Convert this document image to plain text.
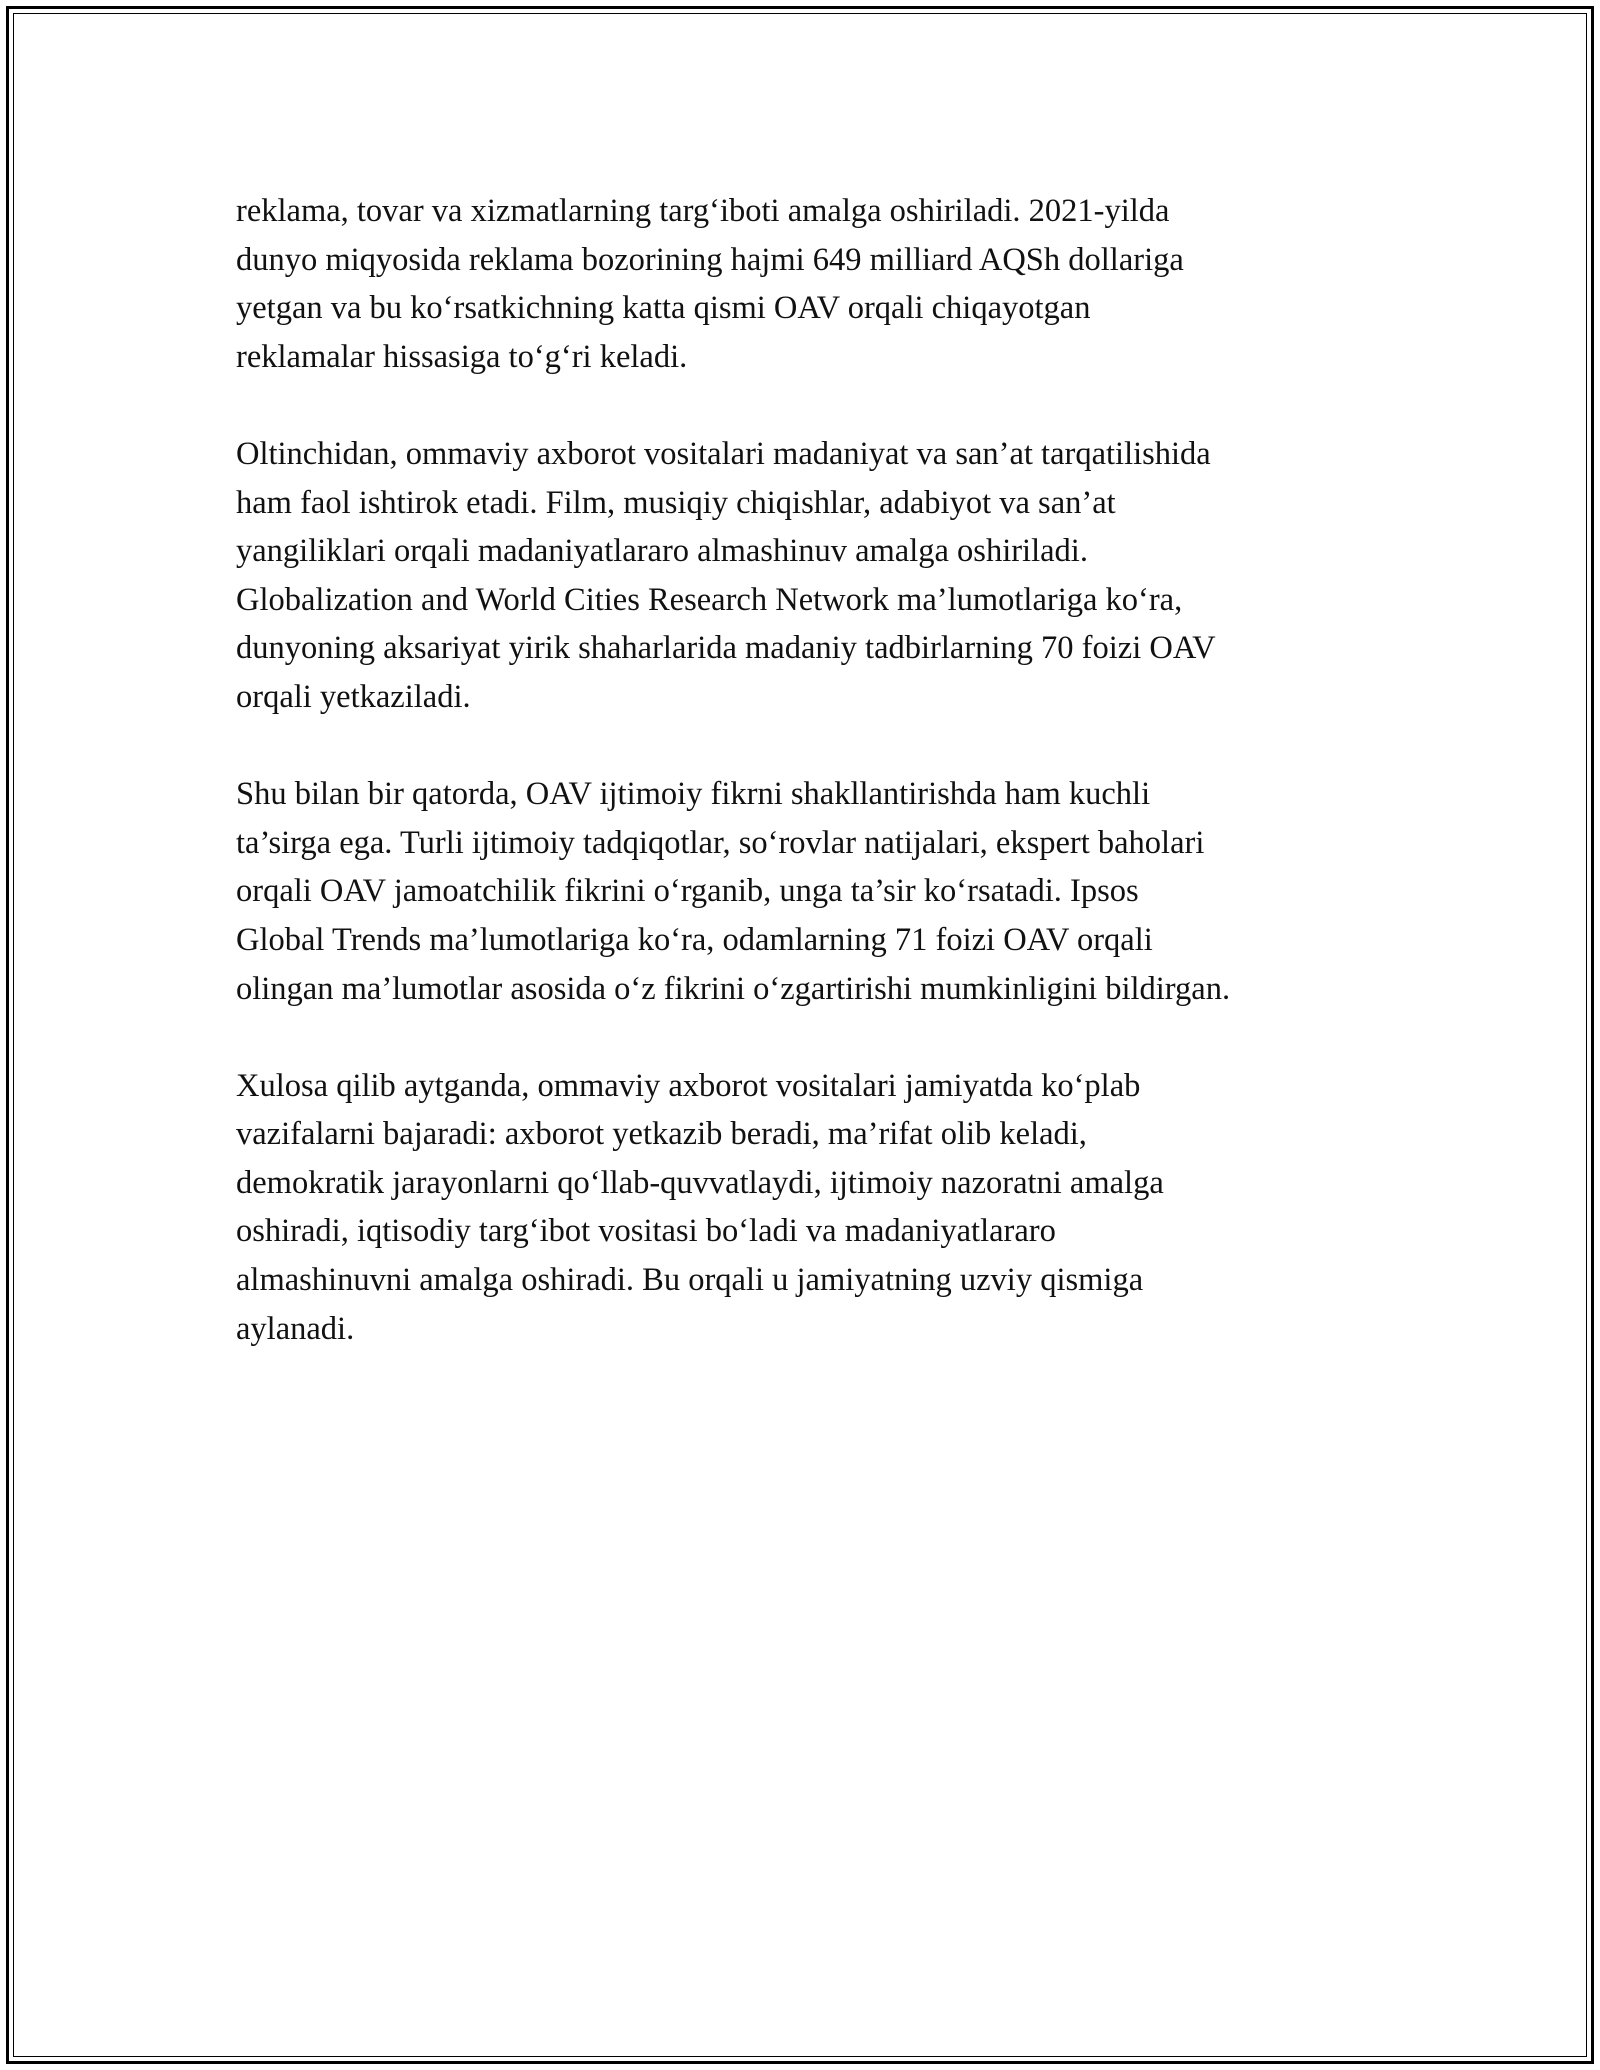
reklama, tovar va xizmatlarning targ‘iboti amalga oshiriladi. 2021-yilda
dunyo miqyosida reklama bozorining hajmi 649 milliard AQSh dollariga
yetgan va bu ko‘rsatkichning katta qismi OAV orqali chiqayotgan
reklamalar hissasiga to‘g‘ri keladi.

Oltinchidan, ommaviy axborot vositalari madaniyat va san’at tarqatilishida
ham faol ishtirok etadi. Film, musiqiy chiqishlar, adabiyot va san’at
yangiliklari orqali madaniyatlararo almashinuv amalga oshiriladi.
Globalization and World Cities Research Network ma’lumotlariga ko‘ra,
dunyoning aksariyat yirik shaharlarida madaniy tadbirlarning 70 foizi OAV
orqali yetkaziladi.

Shu bilan bir qatorda, OAV ijtimoiy fikrni shakllantirishda ham kuchli
ta’sirga ega. Turli ijtimoiy tadqiqotlar, so‘rovlar natijalari, ekspert baholari
orqali OAV jamoatchilik fikrini o‘rganib, unga ta’sir ko‘rsatadi. Ipsos
Global Trends ma’lumotlariga ko‘ra, odamlarning 71 foizi OAV orqali
olingan ma’lumotlar asosida o‘z fikrini o‘zgartirishi mumkinligini bildirgan.

Xulosa qilib aytganda, ommaviy axborot vositalari jamiyatda ko‘plab
vazifalarni bajaradi: axborot yetkazib beradi, ma’rifat olib keladi,
demokratik jarayonlarni qo‘llab-quvvatlaydi, ijtimoiy nazoratni amalga
oshiradi, iqtisodiy targ‘ibot vositasi bo‘ladi va madaniyatlararo
almashinuvni amalga oshiradi. Bu orqali u jamiyatning uzviy qismiga
aylanadi.
